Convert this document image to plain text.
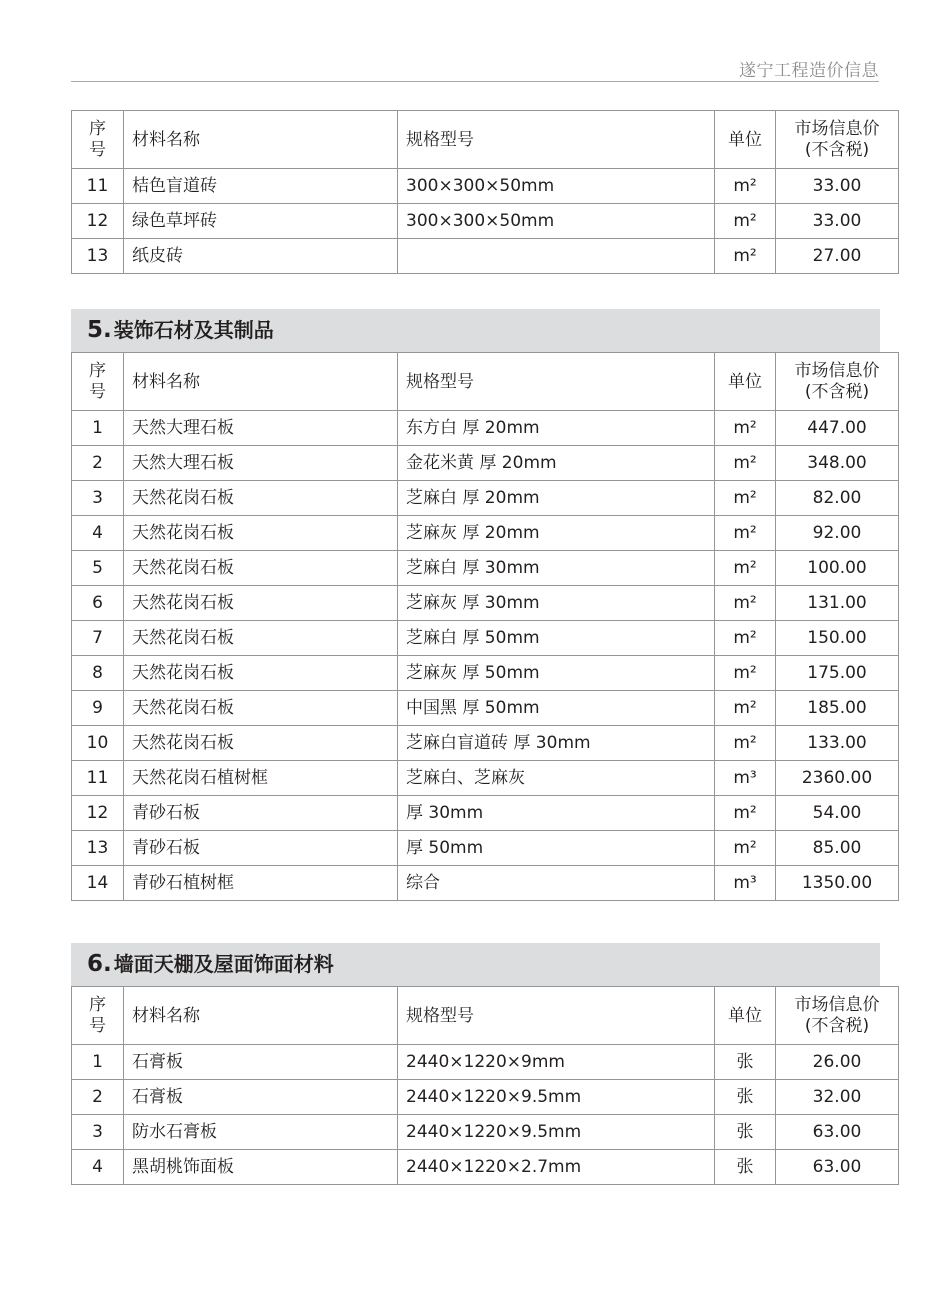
遂宁工程造价信息
序
号	材料名称	规格型号	单位	市场信息价
(不含税)

11	桔色盲道砖	300×300×50mm	m²	33.00
12	绿色草坪砖	300×300×50mm	m²	33.00
13	纸皮砖		m²	27.00
5. 装饰石材及其制品
序
号	材料名称	规格型号	单位	市场信息价
(不含税)

1	天然大理石板	东方白 厚 20mm	m²	447.00
2	天然大理石板	金花米黄 厚 20mm	m²	348.00
3	天然花岗石板	芝麻白 厚 20mm	m²	82.00
4	天然花岗石板	芝麻灰 厚 20mm	m²	92.00
5	天然花岗石板	芝麻白 厚 30mm	m²	100.00
6	天然花岗石板	芝麻灰 厚 30mm	m²	131.00
7	天然花岗石板	芝麻白 厚 50mm	m²	150.00
8	天然花岗石板	芝麻灰 厚 50mm	m²	175.00
9	天然花岗石板	中国黑 厚 50mm	m²	185.00
10	天然花岗石板	芝麻白盲道砖 厚 30mm	m²	133.00
11	天然花岗石植树框	芝麻白、芝麻灰	m³	2360.00
12	青砂石板	厚 30mm	m²	54.00
13	青砂石板	厚 50mm	m²	85.00
14	青砂石植树框	综合	m³	1350.00
6. 墙面天棚及屋面饰面材料
序
号	材料名称	规格型号	单位	市场信息价
(不含税)

1	石膏板	2440×1220×9mm	张	26.00
2	石膏板	2440×1220×9.5mm	张	32.00
3	防水石膏板	2440×1220×9.5mm	张	63.00
4	黑胡桃饰面板	2440×1220×2.7mm	张	63.00
